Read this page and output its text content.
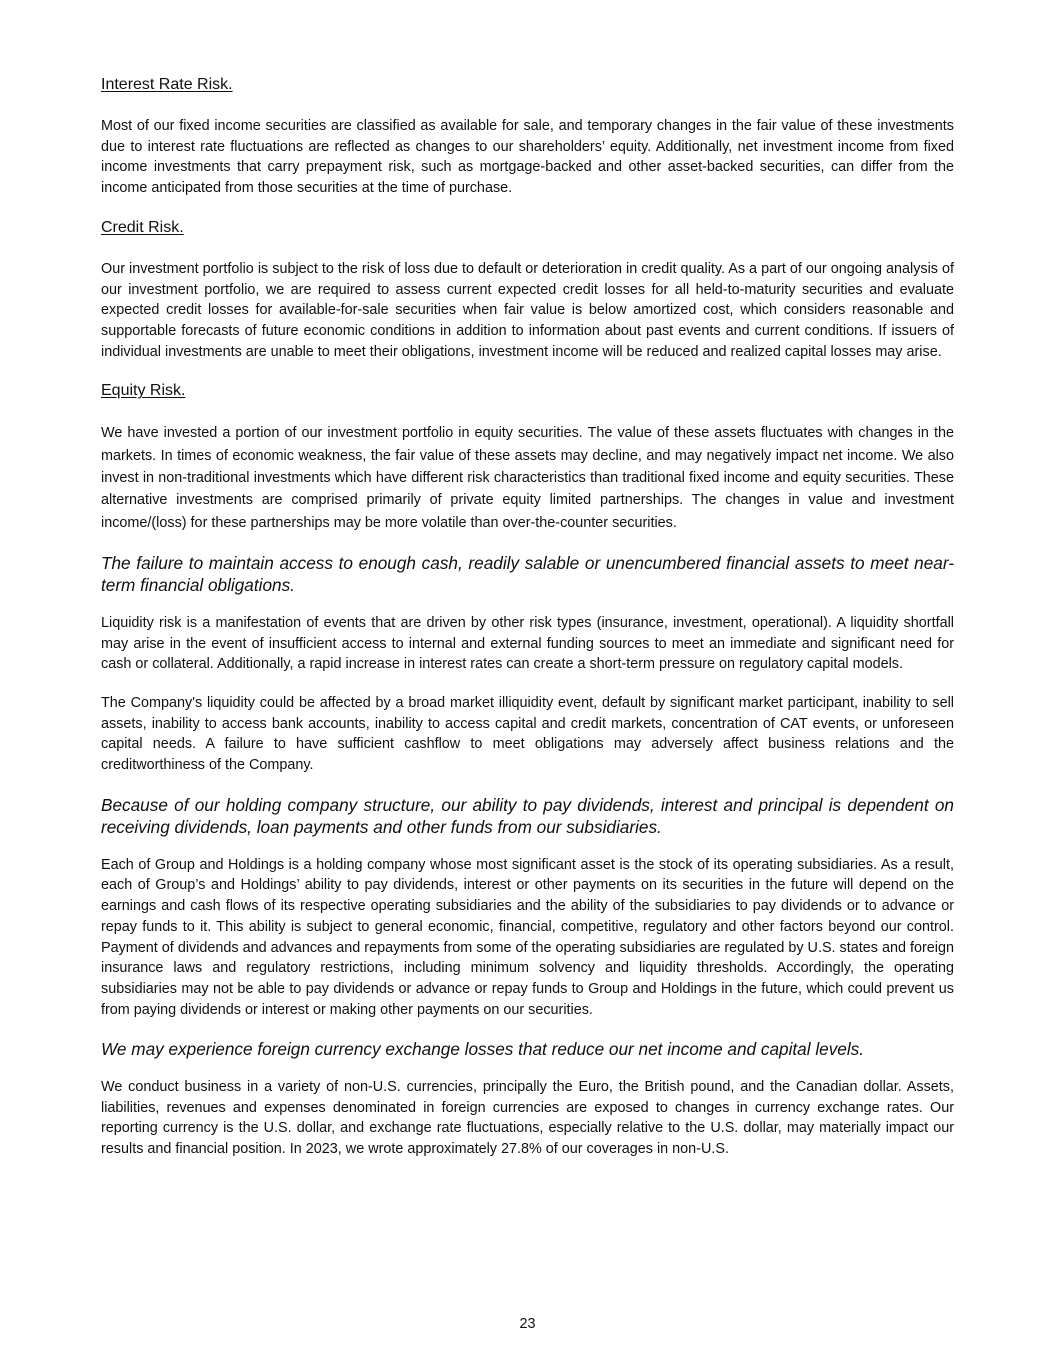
Interest Rate Risk.

Most of our fixed income securities are classified as available for sale, and temporary changes in the fair value of these investments due to interest rate fluctuations are reflected as changes to our shareholders’ equity. Additionally, net investment income from fixed income investments that carry prepayment risk, such as mortgage-backed and other asset-backed securities, can differ from the income anticipated from those securities at the time of purchase.

Credit Risk.

Our investment portfolio is subject to the risk of loss due to default or deterioration in credit quality. As a part of our ongoing analysis of our investment portfolio, we are required to assess current expected credit losses for all held-to-maturity securities and evaluate expected credit losses for available-for-sale securities when fair value is below amortized cost, which considers reasonable and supportable forecasts of future economic conditions in addition to information about past events and current conditions. If issuers of individual investments are unable to meet their obligations, investment income will be reduced and realized capital losses may arise.

Equity Risk.

We have invested a portion of our investment portfolio in equity securities. The value of these assets fluctuates with changes in the markets. In times of economic weakness, the fair value of these assets may decline, and may negatively impact net income. We also invest in non-traditional investments which have different risk characteristics than traditional fixed income and equity securities. These alternative investments are comprised primarily of private equity limited partnerships. The changes in value and investment income/(loss) for these partnerships may be more volatile than over-the-counter securities.

The failure to maintain access to enough cash, readily salable or unencumbered financial assets to meet near-term financial obligations.

Liquidity risk is a manifestation of events that are driven by other risk types (insurance, investment, operational). A liquidity shortfall may arise in the event of insufficient access to internal and external funding sources to meet an immediate and significant need for cash or collateral. Additionally, a rapid increase in interest rates can create a short-term pressure on regulatory capital models.

The Company's liquidity could be affected by a broad market illiquidity event, default by significant market participant, inability to sell assets, inability to access bank accounts, inability to access capital and credit markets, concentration of CAT events, or unforeseen capital needs. A failure to have sufficient cashflow to meet obligations may adversely affect business relations and the creditworthiness of the Company.

Because of our holding company structure, our ability to pay dividends, interest and principal is dependent on receiving dividends, loan payments and other funds from our subsidiaries.

Each of Group and Holdings is a holding company whose most significant asset is the stock of its operating subsidiaries. As a result, each of Group’s and Holdings’ ability to pay dividends, interest or other payments on its securities in the future will depend on the earnings and cash flows of its respective operating subsidiaries and the ability of the subsidiaries to pay dividends or to advance or repay funds to it. This ability is subject to general economic, financial, competitive, regulatory and other factors beyond our control. Payment of dividends and advances and repayments from some of the operating subsidiaries are regulated by U.S. states and foreign insurance laws and regulatory restrictions, including minimum solvency and liquidity thresholds. Accordingly, the operating subsidiaries may not be able to pay dividends or advance or repay funds to Group and Holdings in the future, which could prevent us from paying dividends or interest or making other payments on our securities.

We may experience foreign currency exchange losses that reduce our net income and capital levels.

We conduct business in a variety of non-U.S. currencies, principally the Euro, the British pound, and the Canadian dollar. Assets, liabilities, revenues and expenses denominated in foreign currencies are exposed to changes in currency exchange rates. Our reporting currency is the U.S. dollar, and exchange rate fluctuations, especially relative to the U.S. dollar, may materially impact our results and financial position. In 2023, we wrote approximately 27.8% of our coverages in non-U.S.

23
